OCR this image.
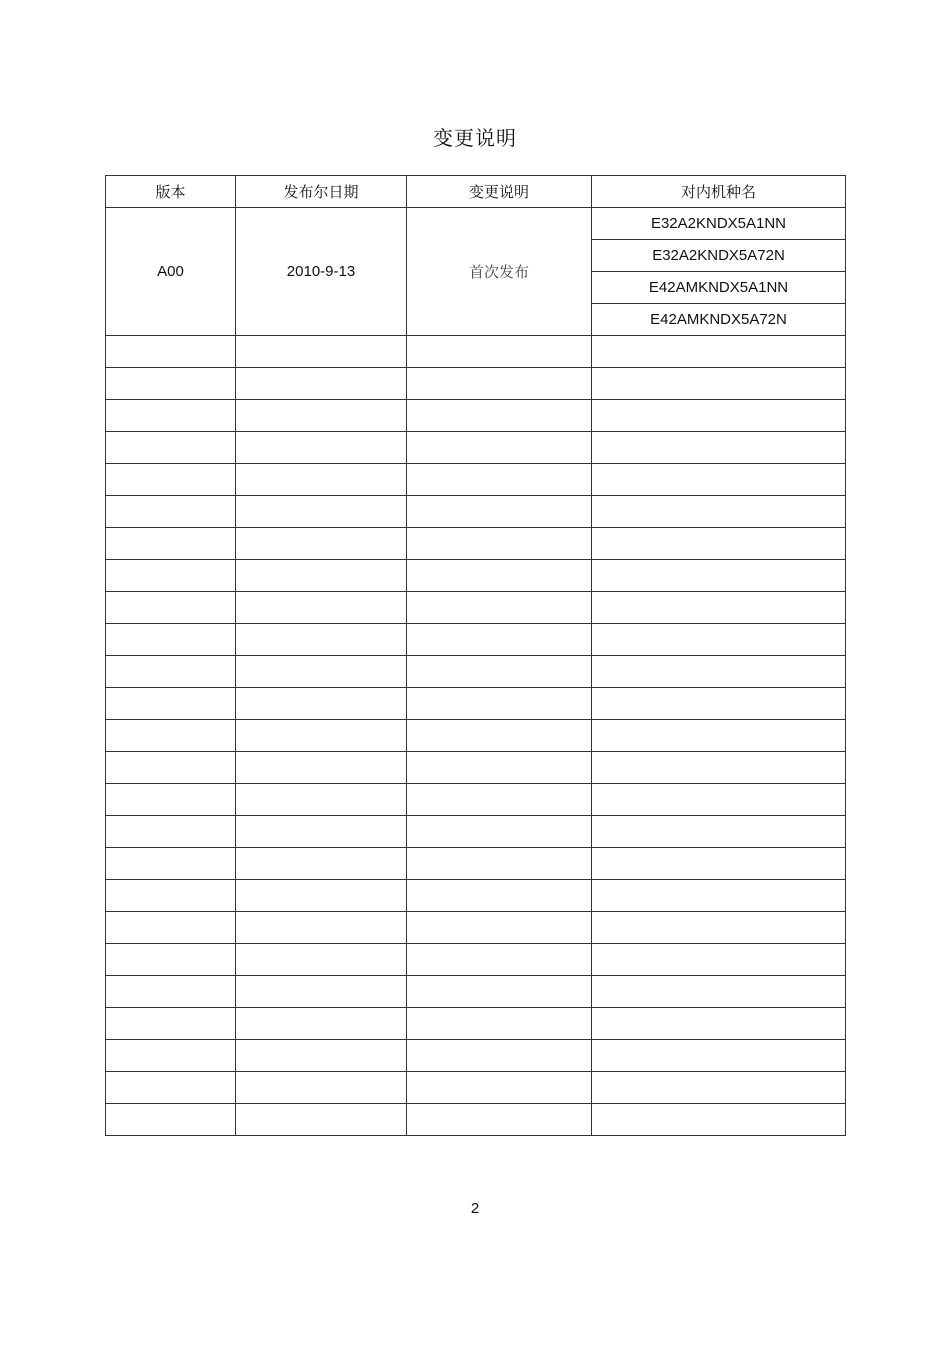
变更说明
版本	发布尔日期	变更说明	对内机种名
A00	2010-9-13	首次发布	E32A2KNDX5A1NN
			E32A2KNDX5A72N
			E42AMKNDX5A1NN
			E42AMKNDX5A72N

2
